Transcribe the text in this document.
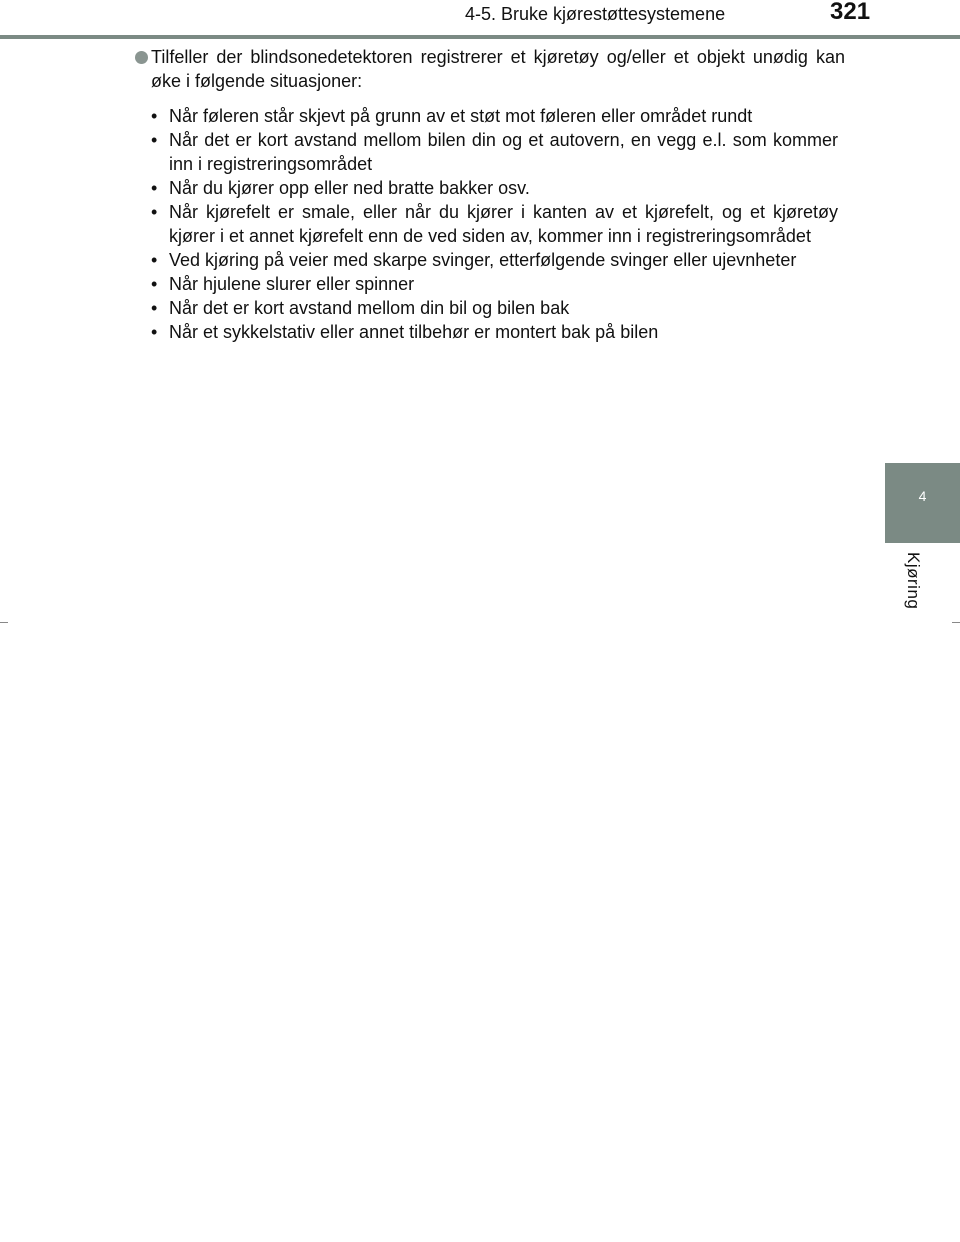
4-5. Bruke kjørestøttesystemene	321
4
Kjøring
Tilfeller der blindsonedetektoren registrerer et kjøretøy og/eller et objekt unødig kan øke i følgende situasjoner:
• Når føleren står skjevt på grunn av et støt mot føleren eller området rundt
• Når det er kort avstand mellom bilen din og et autovern, en vegg e.l. som kommer inn i registreringsområdet
• Når du kjører opp eller ned bratte bakker osv.
• Når kjørefelt er smale, eller når du kjører i kanten av et kjørefelt, og et kjøretøy kjører i et annet kjørefelt enn de ved siden av, kommer inn i registreringsområdet
• Ved kjøring på veier med skarpe svinger, etterfølgende svinger eller ujevnheter
• Når hjulene slurer eller spinner
• Når det er kort avstand mellom din bil og bilen bak
• Når et sykkelstativ eller annet tilbehør er montert bak på bilen
